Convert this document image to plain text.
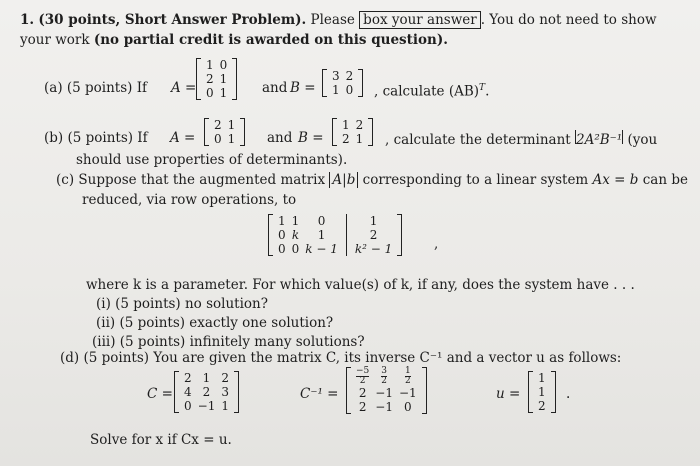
1. (30 points, Short Answer Problem). Please box your answer . You do not need to show
your work (no partial credit is awarded on this question).
(a) (5 points) If A =
1	0
2	1
0	1	and B =
3	2
1	0 , calculate (AB)$^T$.
(b) (5 points) If A =
2	1
0	1 and B =
1	2
2	1 , calculate the determinant 2A²B⁻¹ (you
should use properties of determinants).
(c) Suppose that the augmented matrix A|b corresponding to a linear system Ax = b can be
reduced, via row operations, to
1	1	0	1
0	k	1	2
0	0	k − 1	k² − 1	,
where k is a parameter. For which value(s) of k, if any, does the system have . . .
(i) (5 points) no solution?
(ii) (5 points) exactly one solution?
(iii) (5 points) infinitely many solutions?
(d) (5 points) You are given the matrix C, its inverse C⁻¹ and a vector u as follows:
C =
2	1	2
4	2	3
0	−1	1
C⁻¹ =
$\frac{-5}{2}$	$\frac{3}{2}$	$\frac{1}{2}$

2	−1	−1
2	−1	0
u =
1
1
2
.
Solve for x if Cx = u.
